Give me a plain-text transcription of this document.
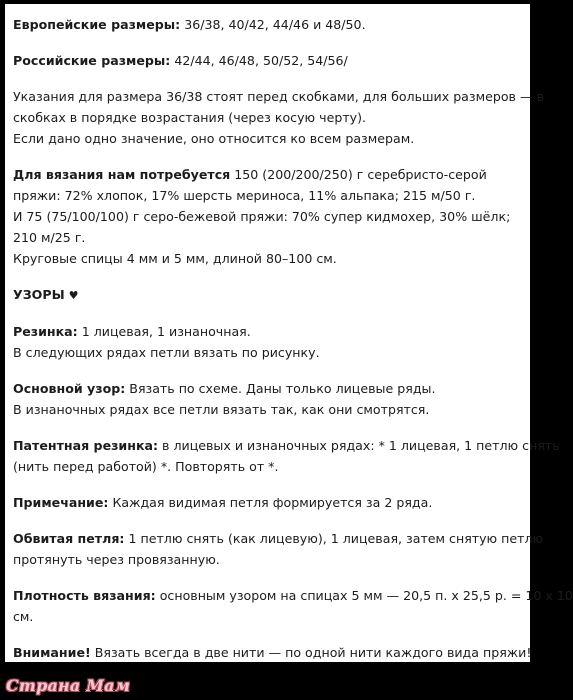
Европейские размеры: 36/38, 40/42, 44/46 и 48/50.
Российские размеры: 42/44, 46/48, 50/52, 54/56/
Указания для размера 36/38 стоят перед скобками, для больших размеров — в
скобках в порядке возрастания (через косую черту).
Если дано одно значение, оно относится ко всем размерам.
Для вязания нам потребуется 150 (200/200/250) г серебристо-серой пряжи: 72% хлопок, 17% шерсть мериноса, 11% альпака; 215 м/50 г.
И 75 (75/100/100) г серо-бежевой пряжи: 70% супер кидмохер, 30% шёлк; 210 м/25 г.
Круговые спицы 4 мм и 5 мм, длиной 80–100 см.
УЗОРЫ ♥
Резинка: 1 лицевая, 1 изнаночная.
В следующих рядах петли вязать по рисунку.
Основной узор: Вязать по схеме. Даны только лицевые ряды.
В изнаночных рядах все петли вязать так, как они смотрятся.
Патентная резинка: в лицевых и изнаночных рядах: * 1 лицевая, 1 петлю снять
(нить перед работой) *. Повторять от *.
Примечание: Каждая видимая петля формируется за 2 ряда.
Обвитая петля: 1 петлю снять (как лицевую), 1 лицевая, затем снятую петлю
протянуть через провязанную.
Плотность вязания: основным узором на спицах 5 мм — 20,5 п. х 25,5 р. = 10 х 10
см.
Внимание! Вязать всегда в две нити — по одной нити каждого вида пряжи!
Страна Мам
